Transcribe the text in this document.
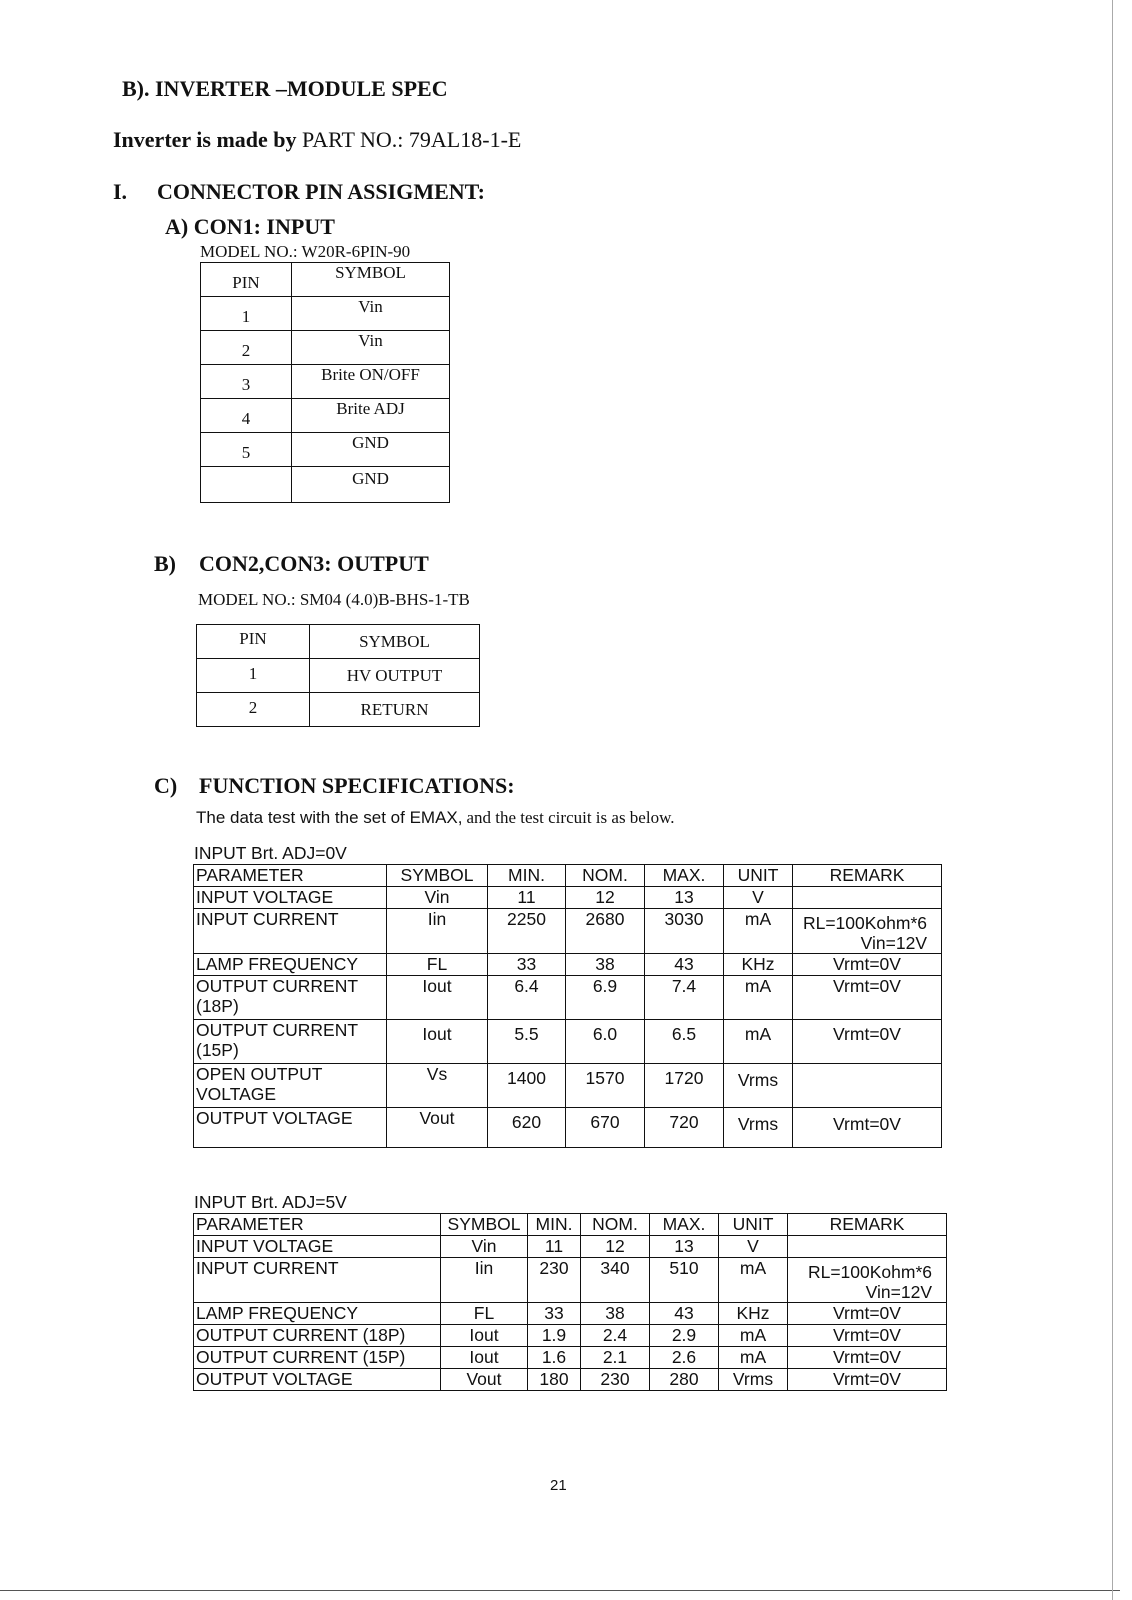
B). INVERTER –MODULE SPEC
Inverter is made by PART NO.: 79AL18-1-E
I. CONNECTOR PIN ASSIGMENT:
A) CON1: INPUT
MODEL NO.: W20R-6PIN-90
PIN	SYMBOL
1	Vin
2	Vin
3	Brite ON/OFF
4	Brite ADJ
5	GND
	GND
B) CON2,CON3: OUTPUT
MODEL NO.: SM04 (4.0)B-BHS-1-TB
PIN	SYMBOL
1	HV OUTPUT
2	RETURN
C) FUNCTION SPECIFICATIONS:
The data test with the set of EMAX, and the test circuit is as below.
INPUT Brt. ADJ=0V
PARAMETER	SYMBOL	MIN.	NOM.	MAX.	UNIT	REMARK
INPUT VOLTAGE	Vin	11	12	13	V	
INPUT CURRENT	Iin	2250	2680	3030	mA	RL=100Kohm*6
Vin=12V
LAMP FREQUENCY	FL	33	38	43	KHz	Vrmt=0V
OUTPUT CURRENT
(18P)	Iout	6.4	6.9	7.4	mA	Vrmt=0V
OUTPUT CURRENT
(15P)	Iout	5.5	6.0	6.5	mA	Vrmt=0V
OPEN OUTPUT
VOLTAGE	Vs	1400	1570	1720	Vrms	
OUTPUT VOLTAGE	Vout	620	670	720	Vrms	Vrmt=0V
INPUT Brt. ADJ=5V
PARAMETER	SYMBOL	MIN.	NOM.	MAX.	UNIT	REMARK
INPUT VOLTAGE	Vin	11	12	13	V	
INPUT CURRENT	Iin	230	340	510	mA	RL=100Kohm*6
Vin=12V
LAMP FREQUENCY	FL	33	38	43	KHz	Vrmt=0V
OUTPUT CURRENT (18P)	Iout	1.9	2.4	2.9	mA	Vrmt=0V
OUTPUT CURRENT (15P)	Iout	1.6	2.1	2.6	mA	Vrmt=0V
OUTPUT VOLTAGE	Vout	180	230	280	Vrms	Vrmt=0V
21
